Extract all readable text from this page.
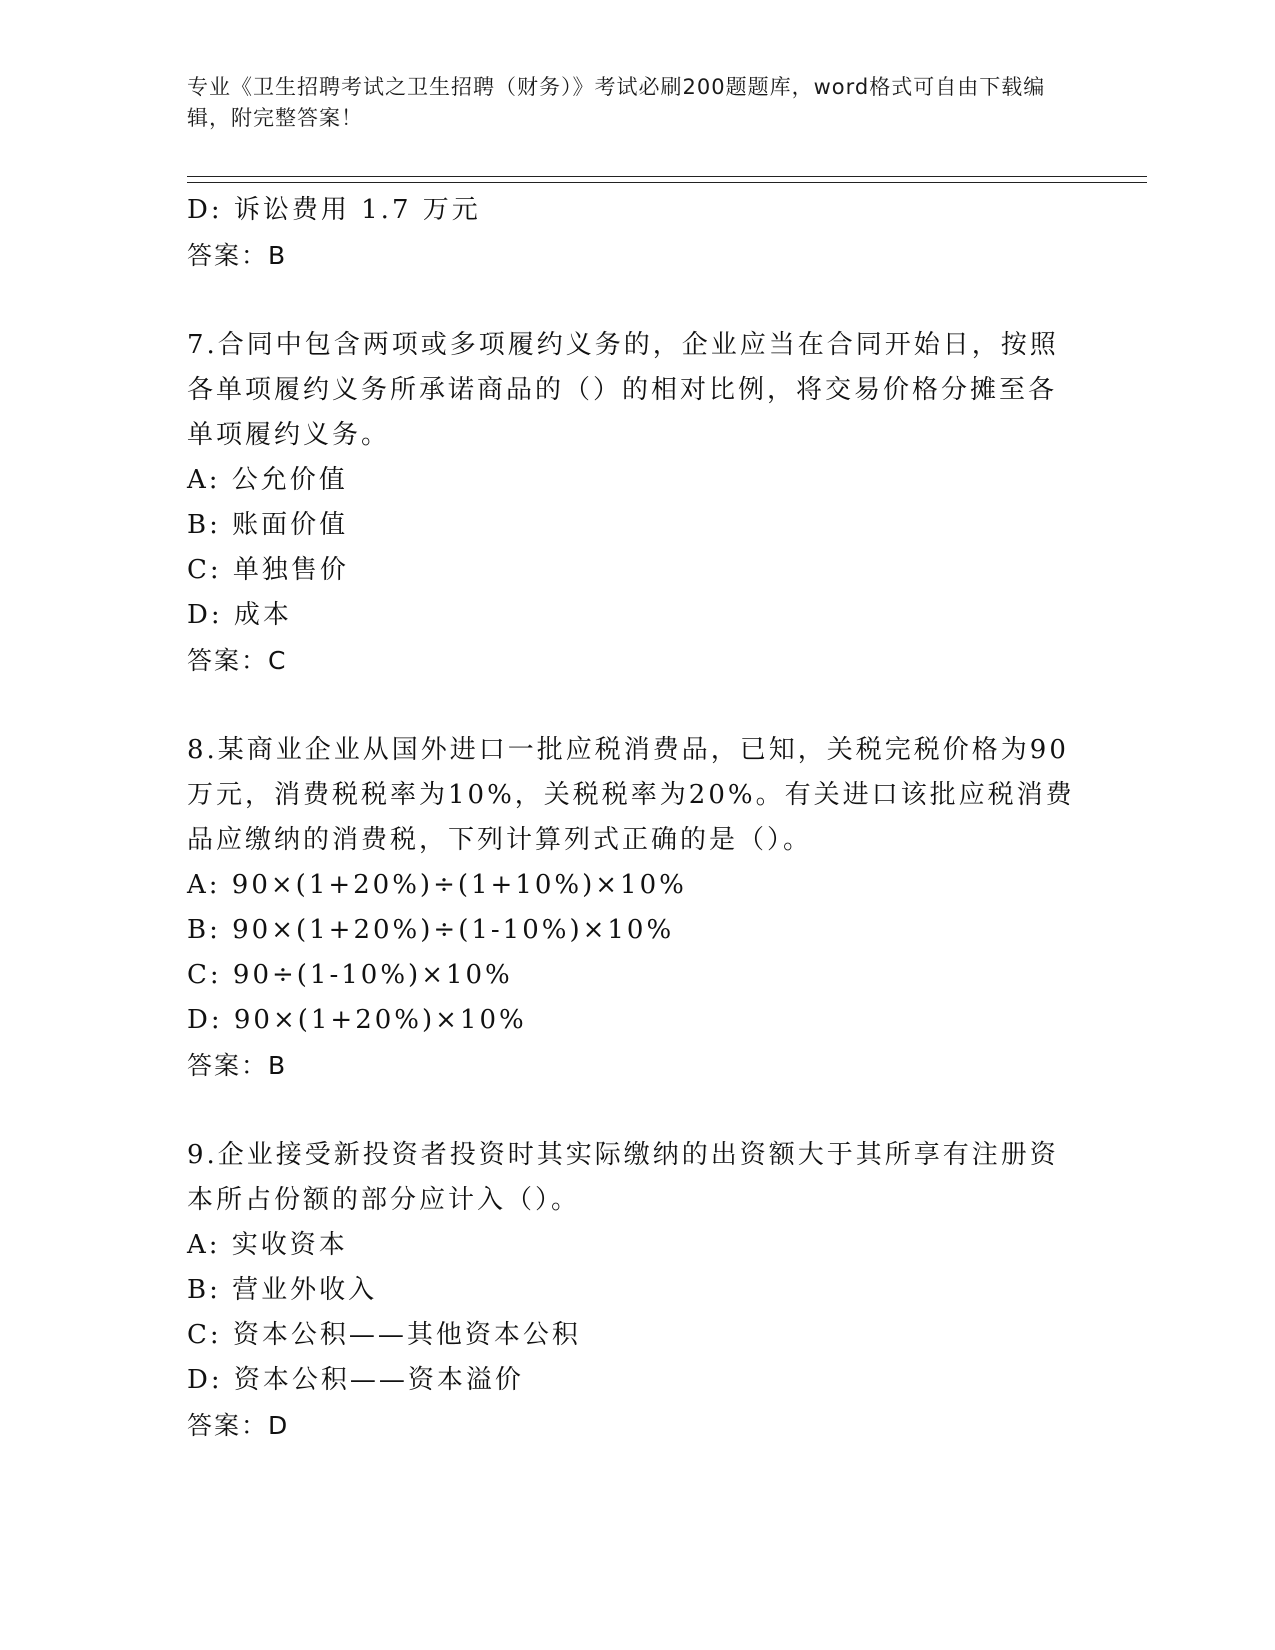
专业《卫生招聘考试之卫生招聘（财务）》考试必刷200题题库，word格式可自由下载编辑，附完整答案！
D: 诉讼费用 1.7 万元
答案：B
7.合同中包含两项或多项履约义务的，企业应当在合同开始日，按照
各单项履约义务所承诺商品的（）的相对比例，将交易价格分摊至各
单项履约义务。
A: 公允价值
B: 账面价值
C: 单独售价
D: 成本
答案：C
8.某商业企业从国外进口一批应税消费品，已知，关税完税价格为90
万元，消费税税率为10%，关税税率为20%。有关进口该批应税消费
品应缴纳的消费税，下列计算列式正确的是（）。
A: 90×(1+20%)÷(1+10%)×10%
B: 90×(1+20%)÷(1-10%)×10%
C: 90÷(1-10%)×10%
D: 90×(1+20%)×10%
答案：B
9.企业接受新投资者投资时其实际缴纳的出资额大于其所享有注册资
本所占份额的部分应计入（）。
A: 实收资本
B: 营业外收入
C: 资本公积——其他资本公积
D: 资本公积——资本溢价
答案：D
